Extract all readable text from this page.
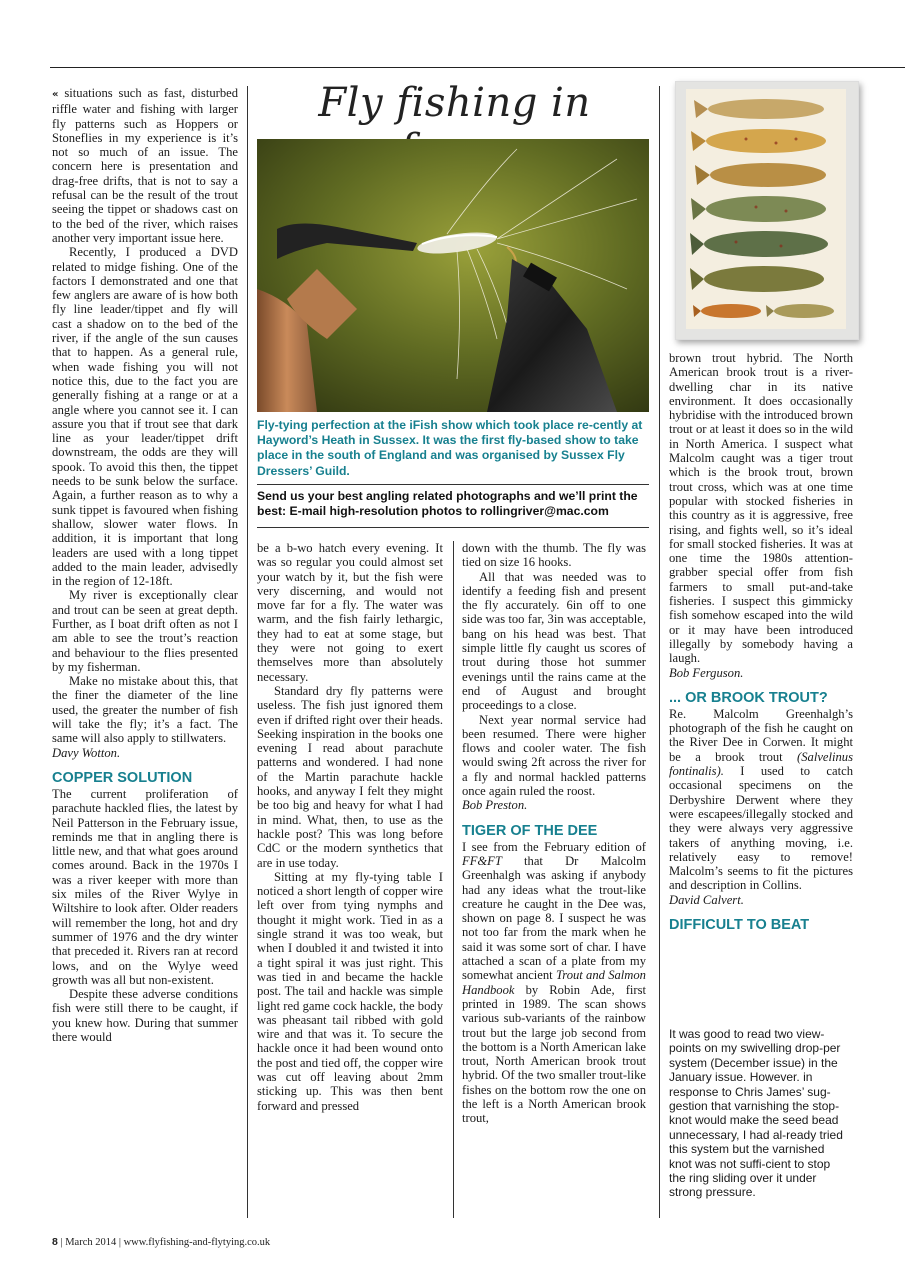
« situations such as fast, disturbed riffle water and fishing with larger fly patterns such as Hoppers or Stoneflies in my experience is it’s not so much of an issue. The concern here is presentation and drag-free drifts, that is not to say a refusal can be the result of the trout seeing the tippet or shadows cast on to the bed of the river, which raises another very important issue here.

Recently, I produced a DVD related to midge fishing. One of the factors I demonstrated and one that few anglers are aware of is how both fly line leader/tippet and fly will cast a shadow on to the bed of the river, if the angle of the sun causes that to happen. As a general rule, when wade fishing you will not notice this, due to the fact you are generally fishing at a range or at a angle where you cannot see it. I can assure you that if trout see that dark line as your leader/tippet drift downstream, the odds are they will spook. To avoid this then, the tippet needs to be sunk below the surface. Again, a further reason as to why a sunk tippet is favoured when fishing shallow, slower water flows. In addition, it is important that long leaders are used with a long tippet added to the main leader, advisedly in the region of 12-18ft.

My river is exceptionally clear and trout can be seen at great depth. Further, as I boat drift often as not I am able to see the trout’s reaction and behaviour to the flies presented by my fisherman.

Make no mistake about this, that the finer the diameter of the line used, the greater the number of fish will take the fly; it’s a fact. The same will also apply to stillwaters.

Davy Wotton.

COPPER SOLUTION

The current proliferation of parachute hackled flies, the latest by Neil Patterson in the February issue, reminds me that in angling there is little new, and that what goes around comes around. Back in the 1970s I was a river keeper with more than six miles of the River Wylye in Wiltshire to look after. Older readers will remember the long, hot and dry summer of 1976 and the dry winter that preceded it. Rivers ran at record lows, and on the Wylye weed growth was all but non-existent.

Despite these adverse conditions fish were still there to be caught, if you knew how. During that summer there would

Fly fishing in
Fly-tying perfection at the iFish show which took place re-cently at Hayword’s Heath in Sussex. It was the first fly-based show to take place in the south of England and was organised by Sussex Fly Dressers’ Guild.
Send us your best angling related photographs and we’ll print the best: E-mail high-resolution photos to rollingriver@mac.com

be a b-wo hatch every evening. It was so regular you could almost set your watch by it, but the fish were very discerning, and would not move far for a fly. The water was warm, and the fish fairly lethargic, they had to eat at some stage, but they were not going to exert themselves more than absolutely necessary.

Standard dry fly patterns were useless. The fish just ignored them even if drifted right over their heads. Seeking inspiration in the books one evening I read about parachute patterns and wondered. I had none of the Martin parachute hackle hooks, and anyway I felt they might be too big and heavy for what I had in mind. What, then, to use as the hackle post? This was long before CdC or the modern synthetics that are in use today.

Sitting at my fly-tying table I noticed a short length of copper wire left over from tying nymphs and thought it might work. Tied in as a single strand it was too weak, but when I doubled it and twisted it into a tight spiral it was just right. This was tied in and became the hackle post. The tail and hackle was simple light red game cock hackle, the body was pheasant tail ribbed with gold wire and that was it. To secure the hackle once it had been wound onto the post and tied off, the copper wire was cut off leaving about 2mm sticking up. This was then bent forward and pressed

down with the thumb. The fly was tied on size 16 hooks.

All that was needed was to identify a feeding fish and present the fly accurately. 6in off to one side was too far, 3in was acceptable, bang on his head was best. That simple little fly caught us scores of trout during those hot summer evenings until the rains came at the end of August and brought proceedings to a close.

Next year normal service had been resumed. There were higher flows and cooler water. The fish would swing 2ft across the river for a fly and normal hackled patterns once again ruled the roost.

Bob Preston.

TIGER OF THE DEE

I see from the February edition of FF&FT that Dr Malcolm Greenhalgh was asking if anybody had any ideas what the trout-like creature he caught in the Dee was, shown on page 8. I suspect he was not too far from the mark when he said it was some sort of char. I have attached a scan of a plate from my somewhat ancient Trout and Salmon Handbook by Robin Ade, first printed in 1989. The scan shows various sub-variants of the rainbow trout but the large job second from the bottom is a North American lake trout, North American brook trout hybrid. Of the two smaller trout-like fishes on the bottom row the one on the left is a North American brook trout,

brown trout hybrid. The North American brook trout is a river-dwelling char in its native environment. It does occasionally hybridise with the introduced brown trout or at least it does so in the wild in North America. I suspect what Malcolm caught was a tiger trout which is the brook trout, brown trout cross, which was at one time popular with stocked fisheries in this country as it is aggressive, free rising, and fights well, so it’s ideal for small stocked fisheries. It was at one time the 1980s attention-grabber special offer from fish farmers to small put-and-take fisheries. I suspect this gimmicky fish somehow escaped into the wild or it may have been introduced illegally by somebody having a laugh.

Bob Ferguson.

... OR BROOK TROUT?

Re. Malcolm Greenhalgh’s photograph of the fish he caught on the River Dee in Corwen. It might be a brook trout (Salvelinus fontinalis). I used to catch occasional specimens on the Derbyshire Derwent where they were escapees/illegally stocked and they were always very aggressive takers of anything moving, i.e. relatively easy to remove! Malcolm’s seems to fit the pictures and description in Collins.

David Calvert.

DIFFICULT TO BEAT

It was good to read two view-points on my swivelling drop-per system (December issue) in the January issue. However. in response to Chris James’ sug-gestion that varnishing the stop-knot would make the seed bead unnecessary, I had al-ready tried this system but the varnished knot was not suffi-cient to stop the ring sliding over it under strong pressure.

8 | March 2014 | www.flyfishing-and-flytying.co.uk
